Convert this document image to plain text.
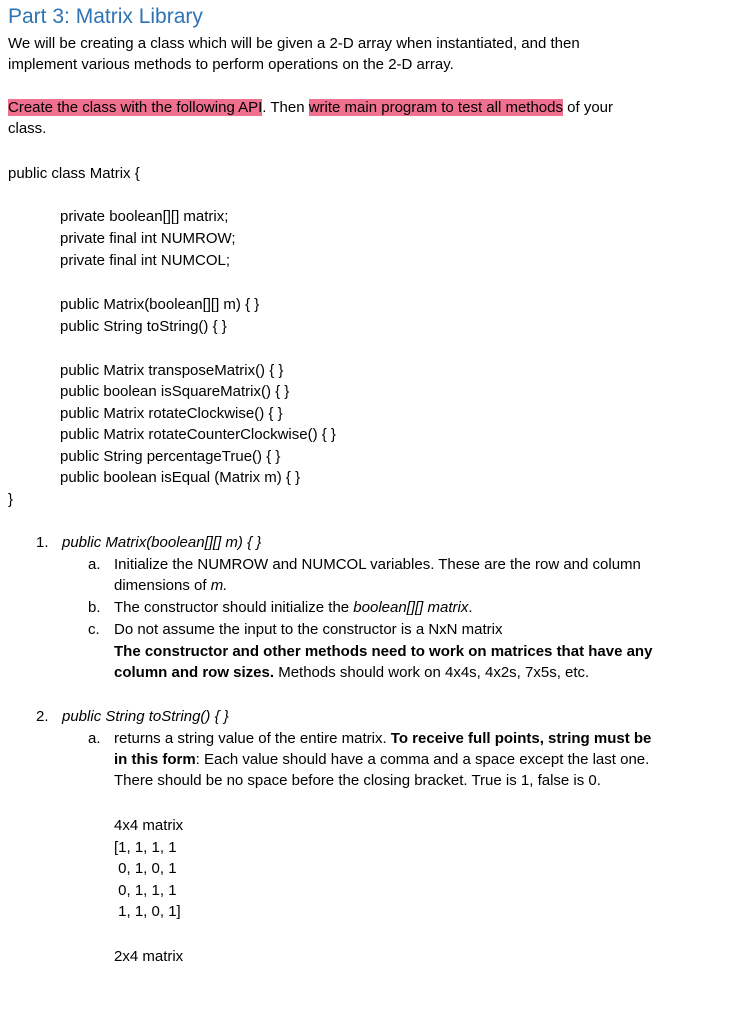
Part 3: Matrix Library
We will be creating a class which will be given a 2-D array when instantiated, and then
implement various methods to perform operations on the 2-D array.
Create the class with the following API. Then write main program to test all methods of your
class.
public class Matrix {
private boolean[][] matrix;
private final int NUMROW;
private final int NUMCOL;
public Matrix(boolean[][] m) { }
public String toString() { }
public Matrix transposeMatrix() { }
public boolean isSquareMatrix() { }
public Matrix rotateClockwise() { }
public Matrix rotateCounterClockwise() { }
public String percentageTrue() { }
public boolean isEqual (Matrix m) { }
}
1. public Matrix(boolean[][] m) { }
a. Initialize the NUMROW and NUMCOL variables. These are the row and column
dimensions of m.
b. The constructor should initialize the boolean[][] matrix.
c. Do not assume the input to the constructor is a NxN matrix
The constructor and other methods need to work on matrices that have any
column and row sizes. Methods should work on 4x4s, 4x2s, 7x5s, etc.
2. public String toString() { }
a. returns a string value of the entire matrix. To receive full points, string must be
in this form: Each value should have a comma and a space except the last one.
There should be no space before the closing bracket. True is 1, false is 0.
4x4 matrix
[1, 1, 1, 1
0, 1, 0, 1
0, 1, 1, 1
1, 1, 0, 1]
2x4 matrix
